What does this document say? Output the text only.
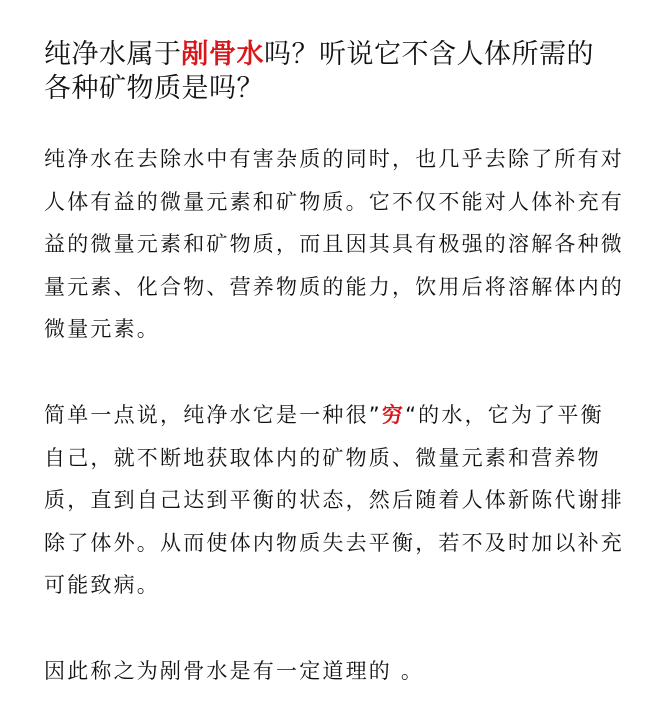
纯净水属于剐骨水吗？听说它不含人体所需的各种矿物质是吗？

纯净水在去除水中有害杂质的同时，也几乎去除了所有对人体有益的微量元素和矿物质。它不仅不能对人体补充有益的微量元素和矿物质，而且因其具有极强的溶解各种微量元素、化合物、营养物质的能力，饮用后将溶解体内的微量元素。

简单一点说，纯净水它是一种很”穷“的水，它为了平衡自己，就不断地获取体内的矿物质、微量元素和营养物质，直到自己达到平衡的状态，然后随着人体新陈代谢排除了体外。从而使体内物质失去平衡，若不及时加以补充可能致病。

因此称之为剐骨水是有一定道理的 。
